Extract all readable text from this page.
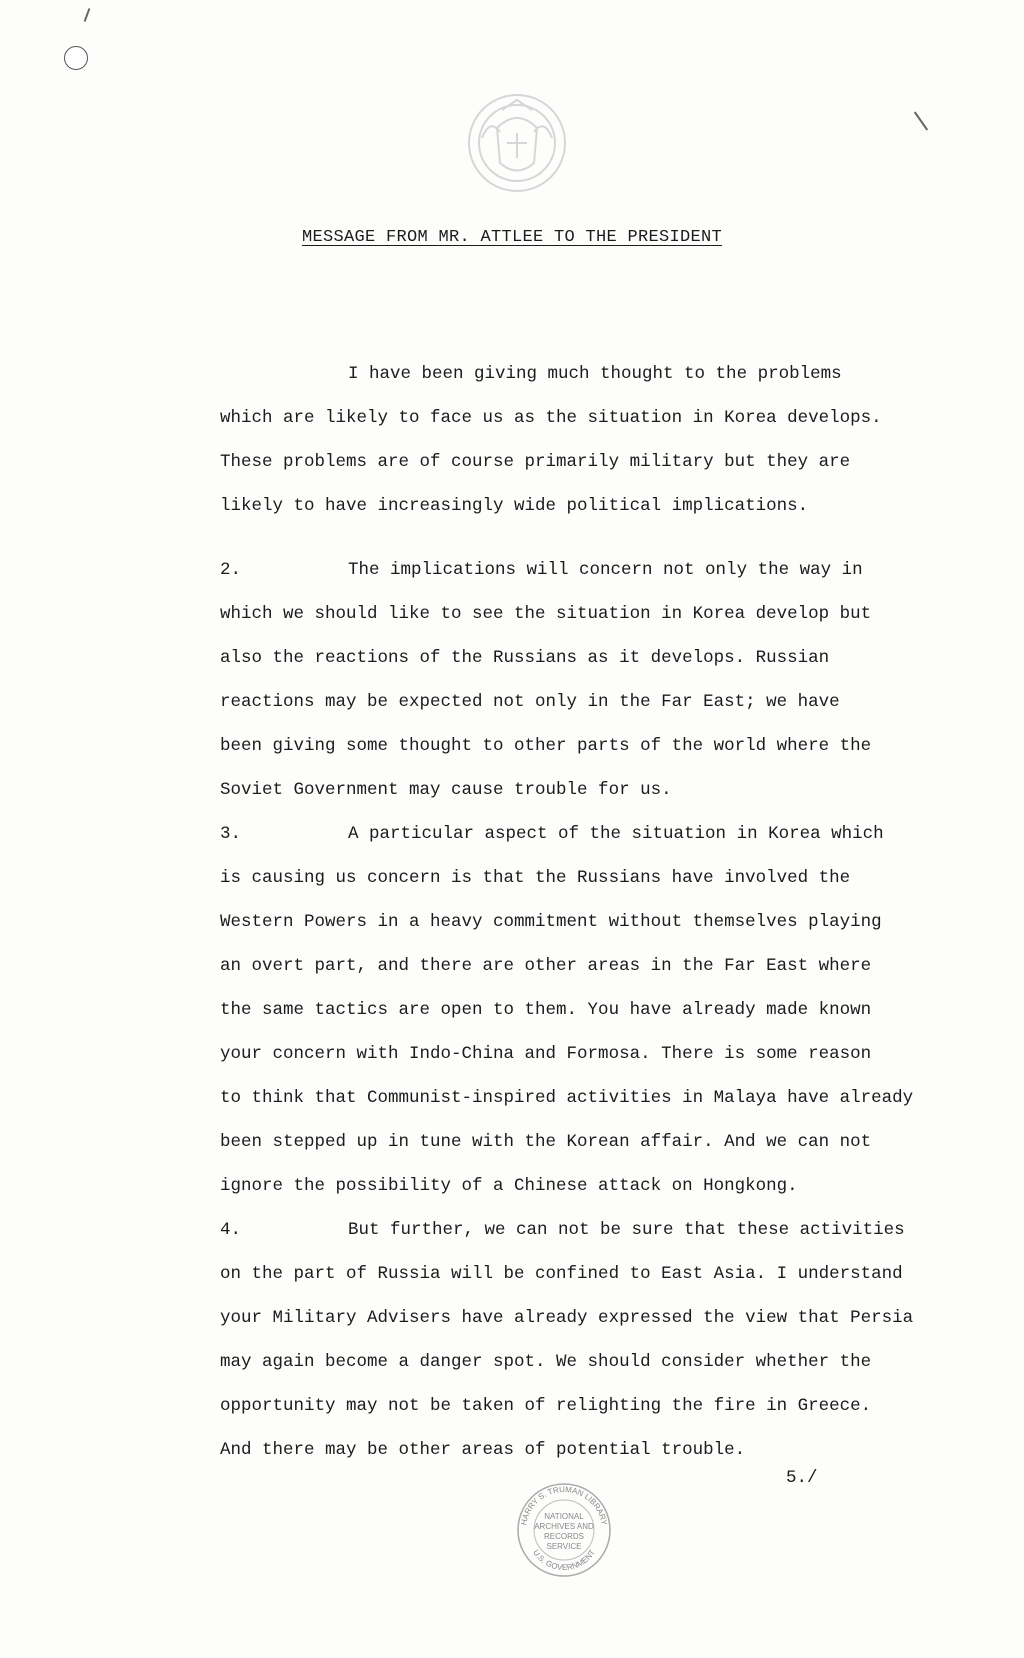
MESSAGE FROM MR. ATTLEE TO THE PRESIDENT
I have been giving much thought to the problems
which are likely to face us as the situation in Korea develops.
These problems are of course primarily military but they are
likely to have increasingly wide political implications.
2.	The implications will concern not only the way in
which we should like to see the situation in Korea develop but
also the reactions of the Russians as it develops. Russian
reactions may be expected not only in the Far East; we have
been giving some thought to other parts of the world where the
Soviet Government may cause trouble for us.
3.	A particular aspect of the situation in Korea which
is causing us concern is that the Russians have involved the
Western Powers in a heavy commitment without themselves playing
an overt part, and there are other areas in the Far East where
the same tactics are open to them. You have already made known
your concern with Indo-China and Formosa. There is some reason
to think that Communist-inspired activities in Malaya have already
been stepped up in tune with the Korean affair. And we can not
ignore the possibility of a Chinese attack on Hongkong.
4.	But further, we can not be sure that these activities
on the part of Russia will be confined to East Asia. I understand
your Military Advisers have already expressed the view that Persia
may again become a danger spot. We should consider whether the
opportunity may not be taken of relighting the fire in Greece.
And there may be other areas of potential trouble.
5./
HARRY S. TRUMAN LIBRARY
U.S. GOVERNMENT
NATIONAL
ARCHIVES AND
RECORDS
SERVICE
